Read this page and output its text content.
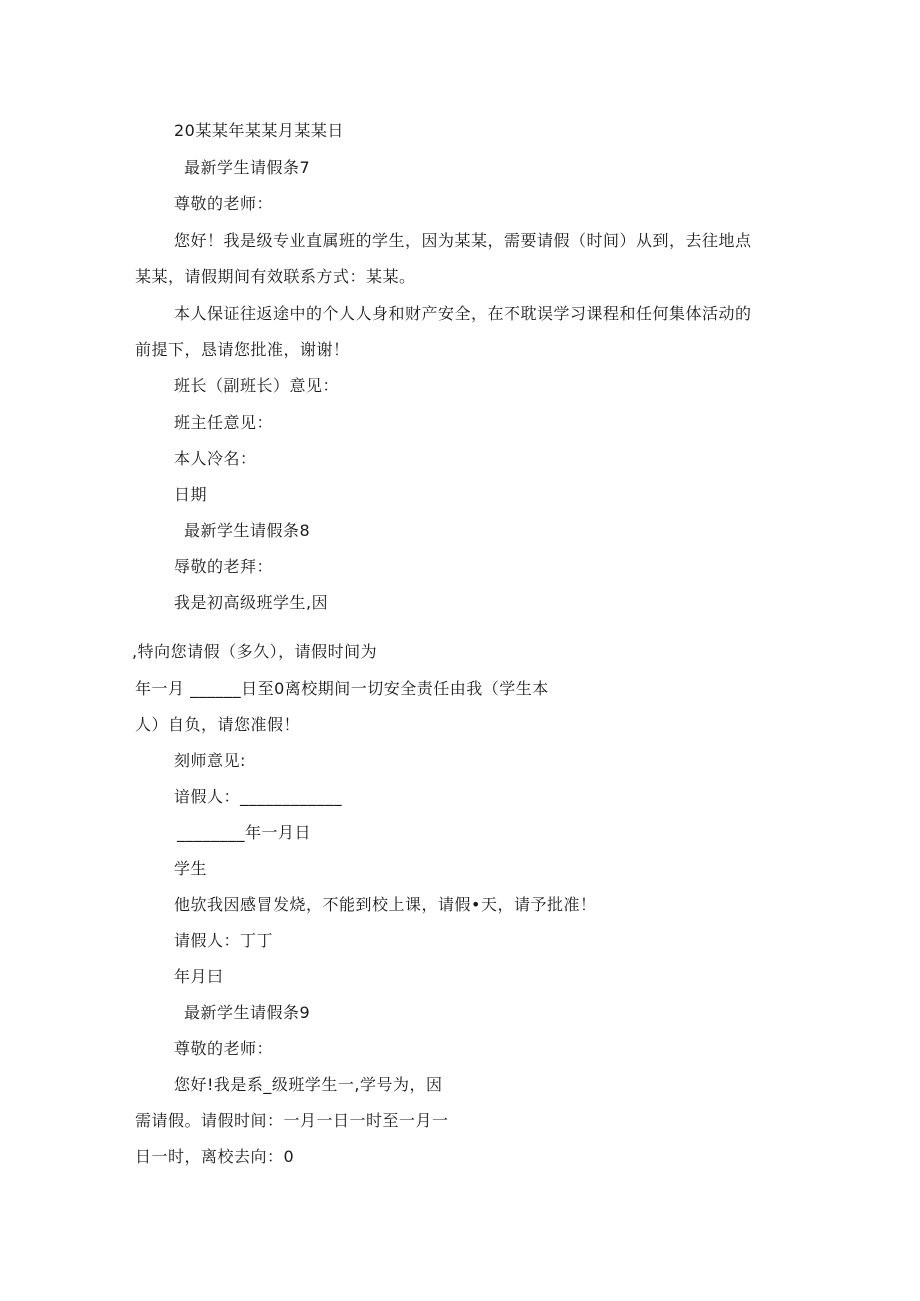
20某某年某某月某某日
最新学生请假条7
尊敬的老师：
您好！我是级专业直属班的学生，因为某某，需要请假（时间）从到，去往地点
某某，请假期间有效联系方式：某某。
本人保证往返途中的个人人身和财产安全，在不耽误学习课程和任何集体活动的
前提下，恳请您批准，谢谢！
班长（副班长）意见：
班主任意见：
本人冷名：
日期
最新学生请假条8
辱敬的老拜：
我是初高级班学生,因
,特向您请假（多久），请假时间为
年一月 ______日至0离校期间一切安全责任由我（学生本
人）自负，请您准假！
刻师意见:
谙假人：____________
________年一月日
学生
他欤我因感冒发烧，不能到校上课，请假•天，请予批准！
请假人：丁丁
年月曰
最新学生请假条9
尊敬的老师：
您好!我是系_级班学生一,学号为，因
需请假。请假时间：一月一日一时至一月一
日一时，离校去向：0
